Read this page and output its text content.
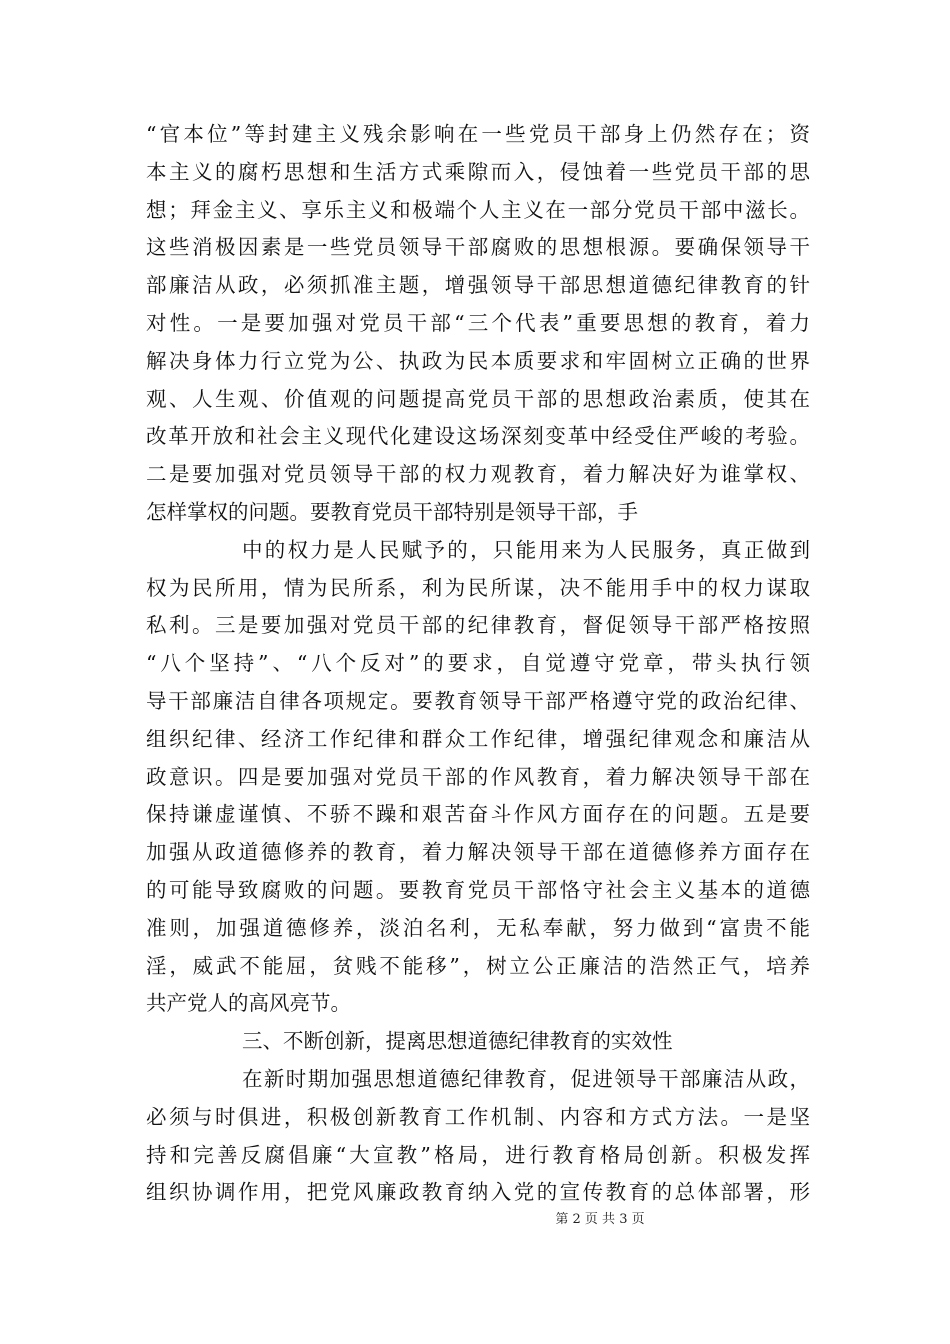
“官本位”等封建主义残余影响在一些党员干部身上仍然存在；资
本主义的腐朽思想和生活方式乘隙而入，侵蚀着一些党员干部的思
想；拜金主义、享乐主义和极端个人主义在一部分党员干部中滋长。
这些消极因素是一些党员领导干部腐败的思想根源。要确保领导干
部廉洁从政，必须抓准主题，增强领导干部思想道德纪律教育的针
对性。一是要加强对党员干部“三个代表”重要思想的教育，着力
解决身体力行立党为公、执政为民本质要求和牢固树立正确的世界
观、人生观、价值观的问题提高党员干部的思想政治素质，使其在
改革开放和社会主义现代化建设这场深刻变革中经受住严峻的考验。
二是要加强对党员领导干部的权力观教育，着力解决好为谁掌权、
怎样掌权的问题。要教育党员干部特别是领导干部，手
中的权力是人民赋予的，只能用来为人民服务，真正做到
权为民所用，情为民所系，利为民所谋，决不能用手中的权力谋取
私利。三是要加强对党员干部的纪律教育，督促领导干部严格按照
“八个坚持”、“八个反对”的要求，自觉遵守党章，带头执行领
导干部廉洁自律各项规定。要教育领导干部严格遵守党的政治纪律、
组织纪律、经济工作纪律和群众工作纪律，增强纪律观念和廉洁从
政意识。四是要加强对党员干部的作风教育，着力解决领导干部在
保持谦虚谨慎、不骄不躁和艰苦奋斗作风方面存在的问题。五是要
加强从政道德修养的教育，着力解决领导干部在道德修养方面存在
的可能导致腐败的问题。要教育党员干部恪守社会主义基本的道德
准则，加强道德修养，淡泊名利，无私奉献，努力做到“富贵不能
淫，威武不能屈，贫贱不能移”，树立公正廉洁的浩然正气，培养
共产党人的高风亮节。
三、不断创新，提离思想道德纪律教育的实效性
在新时期加强思想道德纪律教育，促进领导干部廉洁从政，
必须与时俱进，积极创新教育工作机制、内容和方式方法。一是坚
持和完善反腐倡廉“大宣教”格局，进行教育格局创新。积极发挥
组织协调作用，把党风廉政教育纳入党的宣传教育的总体部署，形
第 2 页 共 3 页
